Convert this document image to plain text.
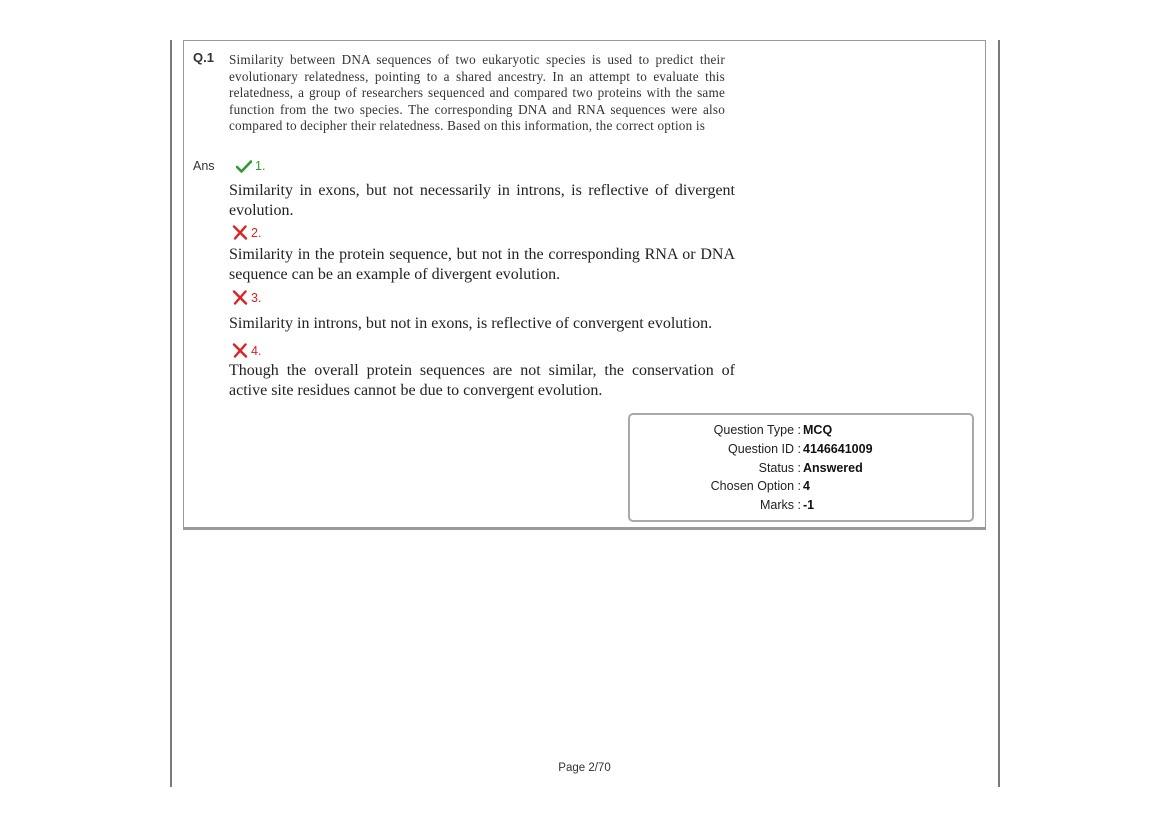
Q.1 Similarity between DNA sequences of two eukaryotic species is used to predict their evolutionary relatedness, pointing to a shared ancestry. In an attempt to evaluate this relatedness, a group of researchers sequenced and compared two proteins with the same function from the two species. The corresponding DNA and RNA sequences were also compared to decipher their relatedness. Based on this information, the correct option is
Ans	1.
Similarity in exons, but not necessarily in introns, is reflective of divergent evolution.
2.
Similarity in the protein sequence, but not in the corresponding RNA or DNA sequence can be an example of divergent evolution.
3.
Similarity in introns, but not in exons, is reflective of convergent evolution.
4.
Though the overall protein sequences are not similar, the conservation of active site residues cannot be due to convergent evolution.
Question Type : MCQ
Question ID : 4146641009
Status : Answered
Chosen Option : 4
Marks : -1
Page 2/70
